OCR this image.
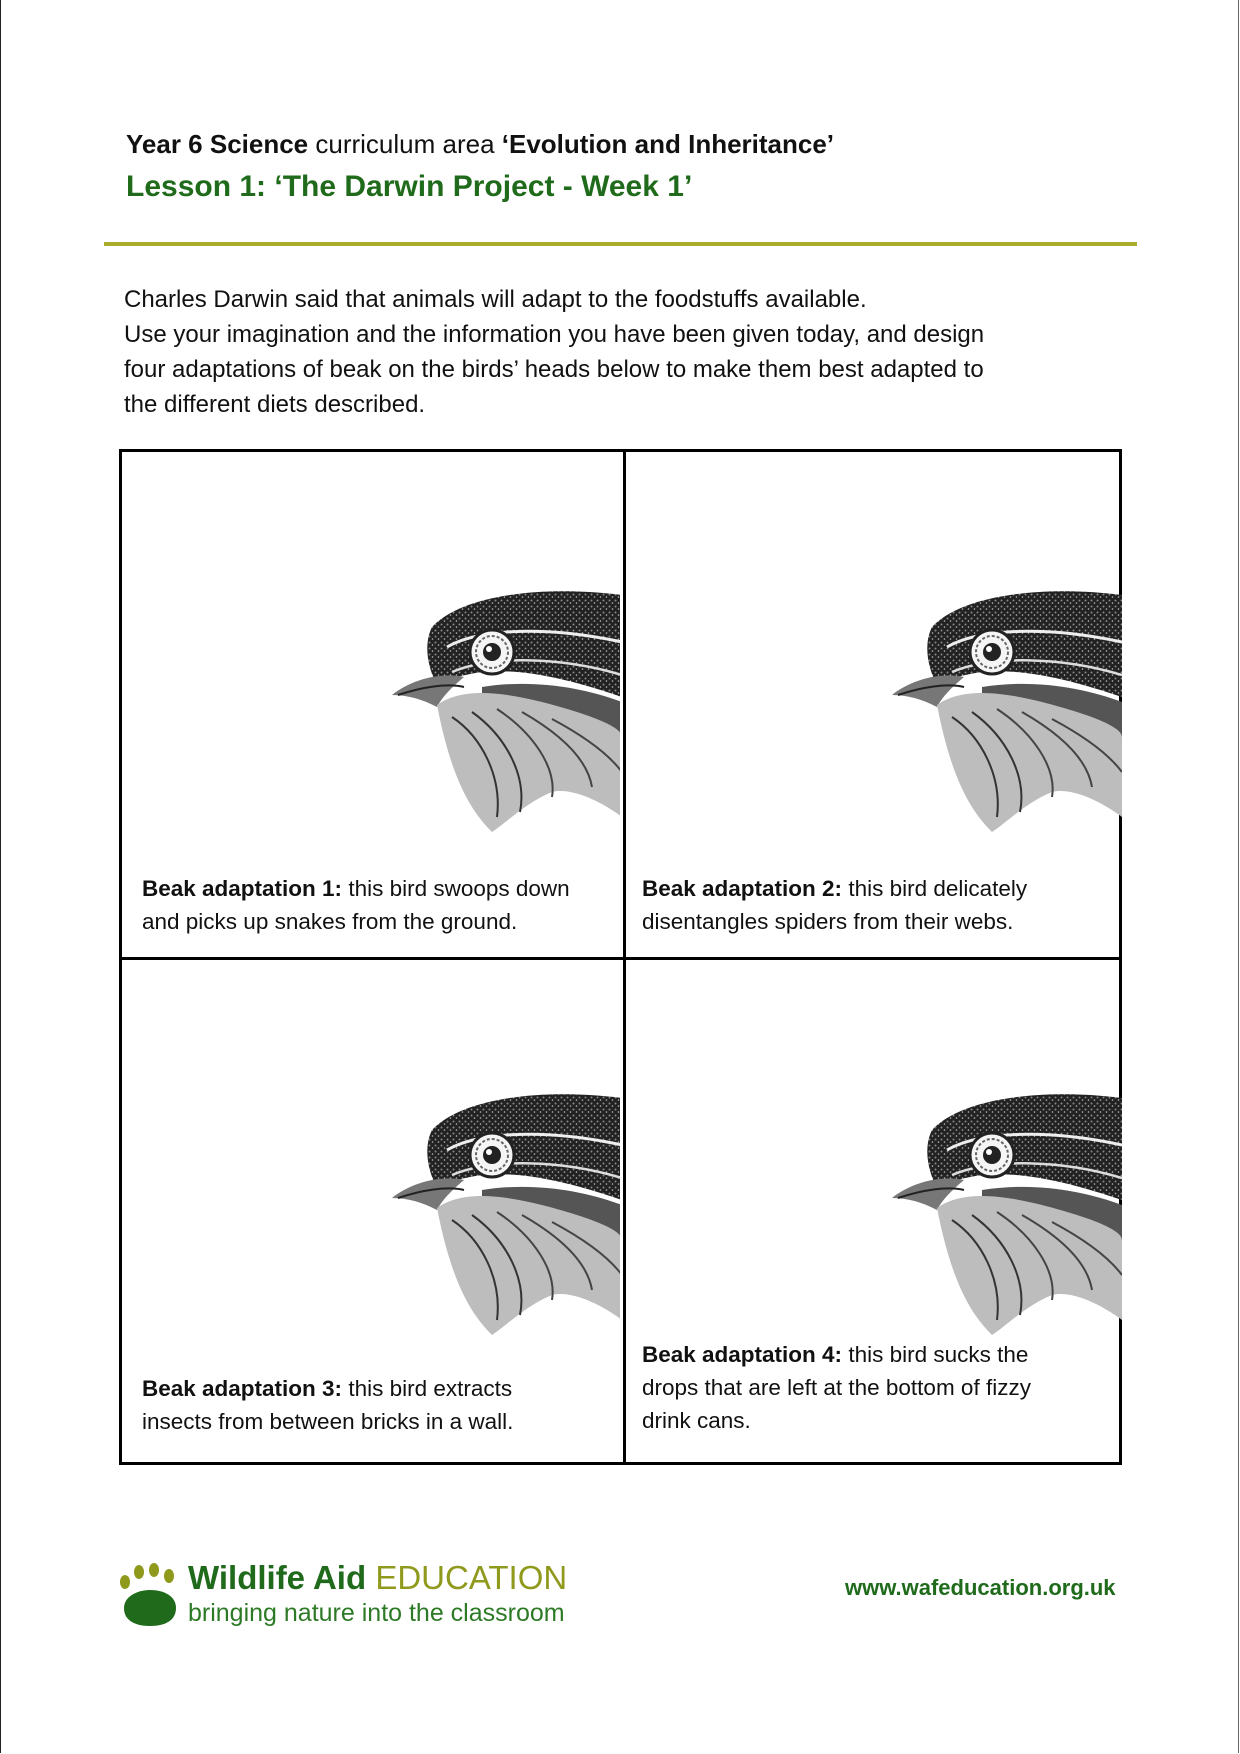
Year 6 Science curriculum area ‘Evolution and Inheritance’
Lesson 1: ‘The Darwin Project - Week 1’

Charles Darwin said that animals will adapt to the foodstuffs available.

Use your imagination and the information you have been given today, and design

four adaptations of beak on the birds’ heads below to make them best adapted to

the different diets described.

Beak adaptation 1: this bird swoops down
and picks up snakes from the ground.
Beak adaptation 2: this bird delicately
disentangles spiders from their webs.
Beak adaptation 3: this bird extracts
insects from between bricks in a wall.
Beak adaptation 4: this bird sucks the
drops that are left at the bottom of fizzy
drink cans.
Wildlife Aid EDUCATION
bringing nature into the classroom
www.wafeducation.org.uk
